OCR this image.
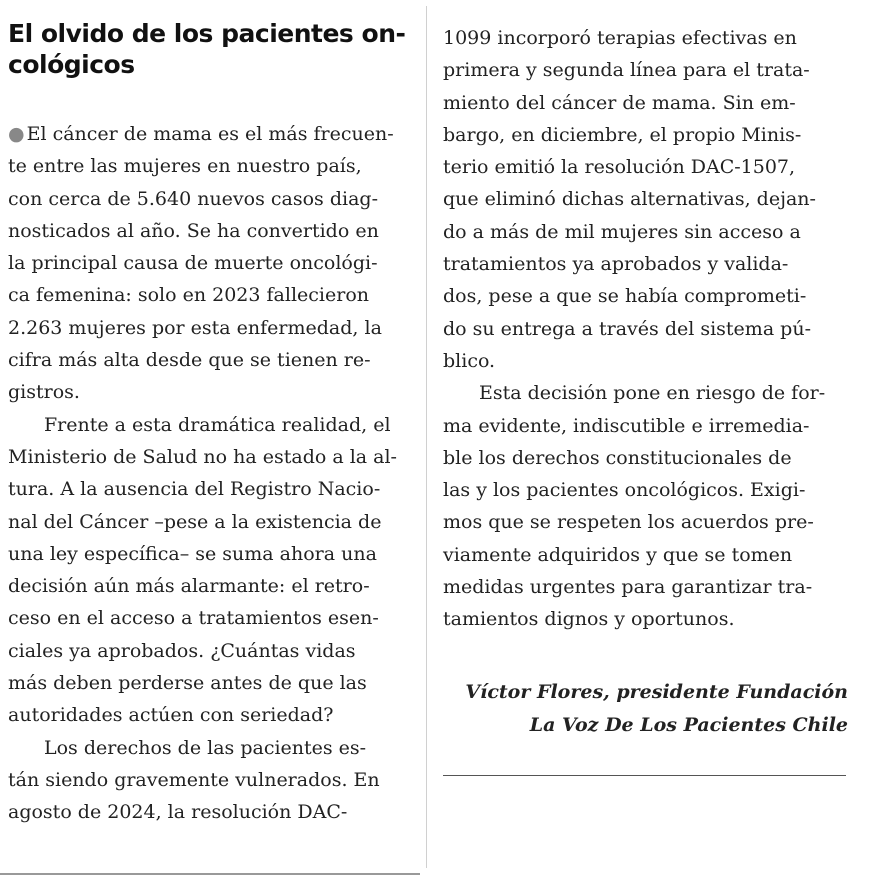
El olvido de los pacientes on-
cológicos
● El cáncer de mama es el más frecuen-
te entre las mujeres en nuestro país,
con cerca de 5.640 nuevos casos diag-
nosticados al año. Se ha convertido en
la principal causa de muerte oncológi-
ca femenina: solo en 2023 fallecieron
2.263 mujeres por esta enfermedad, la
cifra más alta desde que se tienen re-
gistros.
Frente a esta dramática realidad, el
Ministerio de Salud no ha estado a la al-
tura. A la ausencia del Registro Nacio-
nal del Cáncer –pese a la existencia de
una ley específica– se suma ahora una
decisión aún más alarmante: el retro-
ceso en el acceso a tratamientos esen-
ciales ya aprobados. ¿Cuántas vidas
más deben perderse antes de que las
autoridades actúen con seriedad?
Los derechos de las pacientes es-
tán siendo gravemente vulnerados. En
agosto de 2024, la resolución DAC-
1099 incorporó terapias efectivas en
primera y segunda línea para el trata-
miento del cáncer de mama. Sin em-
bargo, en diciembre, el propio Minis-
terio emitió la resolución DAC-1507,
que eliminó dichas alternativas, dejan-
do a más de mil mujeres sin acceso a
tratamientos ya aprobados y valida-
dos, pese a que se había comprometi-
do su entrega a través del sistema pú-
blico.
Esta decisión pone en riesgo de for-
ma evidente, indiscutible e irremedia-
ble los derechos constitucionales de
las y los pacientes oncológicos. Exigi-
mos que se respeten los acuerdos pre-
viamente adquiridos y que se tomen
medidas urgentes para garantizar tra-
tamientos dignos y oportunos.
Víctor Flores, presidente Fundación
La Voz De Los Pacientes Chile
